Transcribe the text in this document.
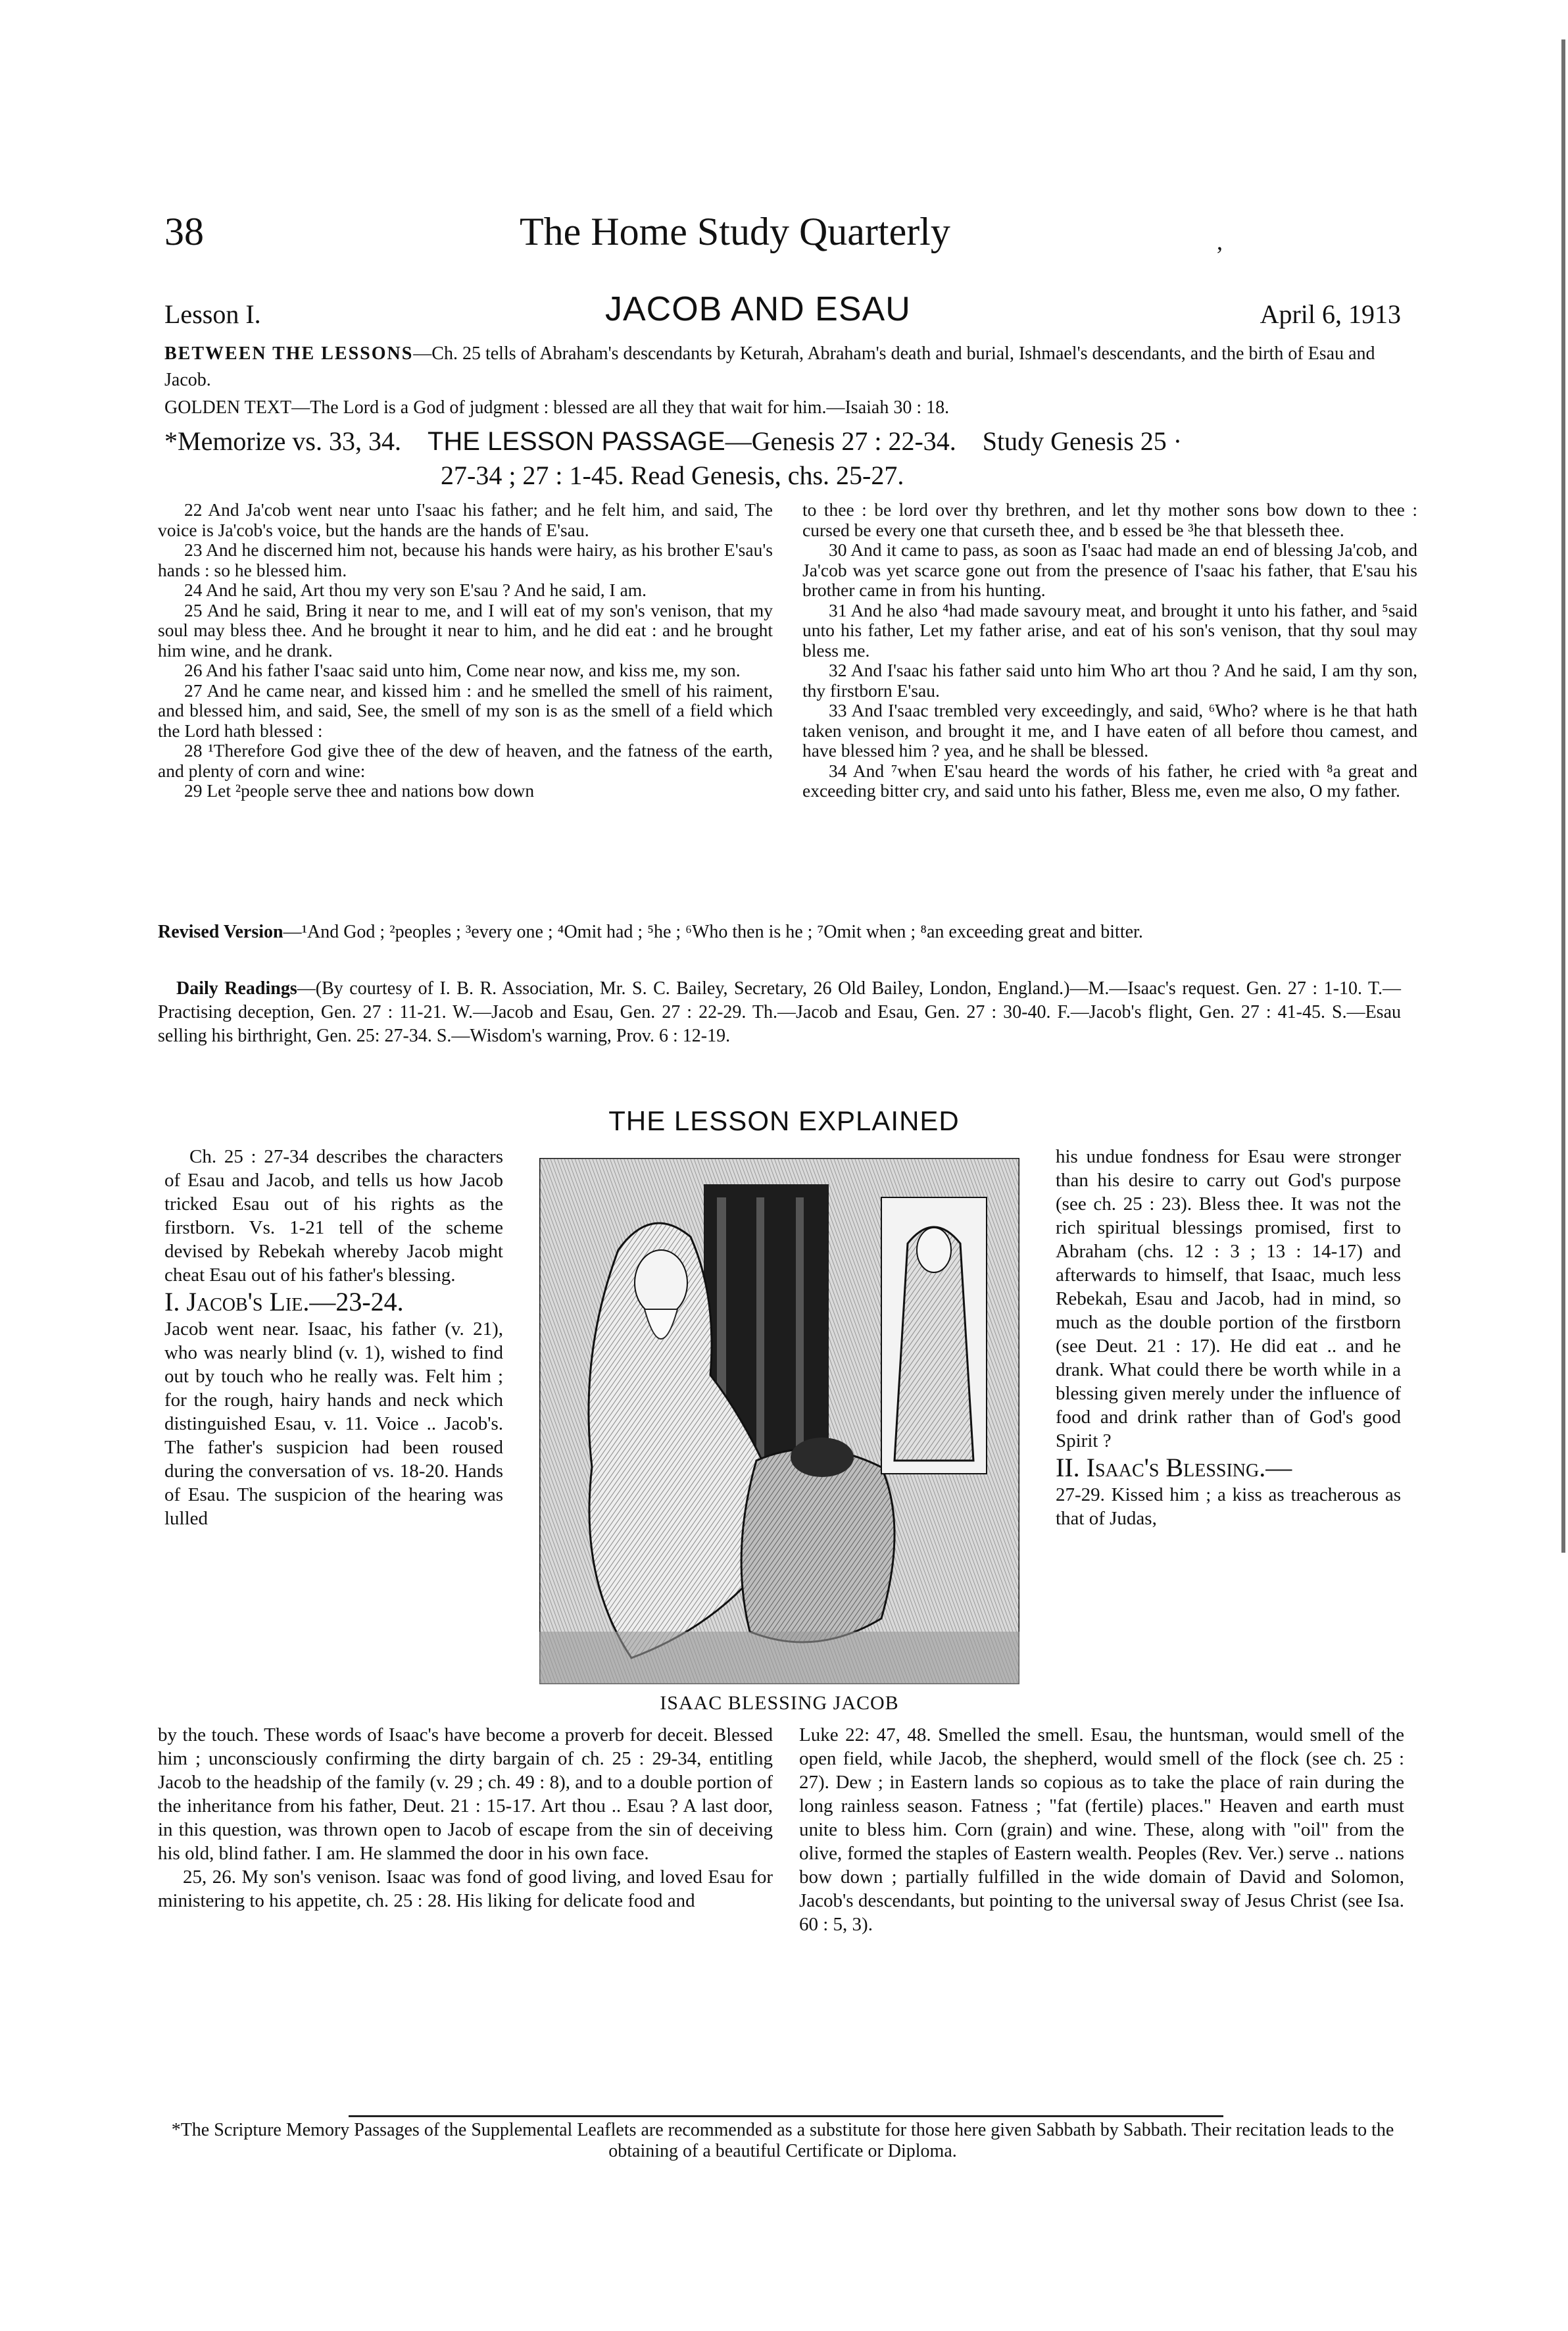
38	The Home Study Quarterly	,
Lesson I.	JACOB AND ESAU	April 6, 1913
BETWEEN THE LESSONS—Ch. 25 tells of Abraham's descendants by Keturah, Abraham's death and burial, Ishmael's descendants, and the birth of Esau and Jacob.
GOLDEN TEXT—The Lord is a God of judgment : blessed are all they that wait for him.—Isaiah 30 : 18.
*Memorize vs. 33, 34. THE LESSON PASSAGE—Genesis 27 : 22-34. Study Genesis 25 ·
27-34 ; 27 : 1-45. Read Genesis, chs. 25-27.
22 And Ja'cob went near unto I'saac his father; and he felt him, and said, The voice is Ja'cob's voice, but the hands are the hands of E'sau.
23 And he discerned him not, because his hands were hairy, as his brother E'sau's hands : so he blessed him.
24 And he said, Art thou my very son E'sau ? And he said, I am.
25 And he said, Bring it near to me, and I will eat of my son's venison, that my soul may bless thee. And he brought it near to him, and he did eat : and he brought him wine, and he drank.
26 And his father I'saac said unto him, Come near now, and kiss me, my son.
27 And he came near, and kissed him : and he smelled the smell of his raiment, and blessed him, and said, See, the smell of my son is as the smell of a field which the Lord hath blessed :
28 ¹Therefore God give thee of the dew of heaven, and the fatness of the earth, and plenty of corn and wine:
29 Let ²people serve thee and nations bow down
to thee : be lord over thy brethren, and let thy mother sons bow down to thee : cursed be every one that curseth thee, and b essed be ³he that blesseth thee.
30 And it came to pass, as soon as I'saac had made an end of blessing Ja'cob, and Ja'cob was yet scarce gone out from the presence of I'saac his father, that E'sau his brother came in from his hunting.
31 And he also ⁴had made savoury meat, and brought it unto his father, and ⁵said unto his father, Let my father arise, and eat of his son's venison, that thy soul may bless me.
32 And I'saac his father said unto him Who art thou ? And he said, I am thy son, thy firstborn E'sau.
33 And I'saac trembled very exceedingly, and said, ⁶Who? where is he that hath taken venison, and brought it me, and I have eaten of all before thou camest, and have blessed him ? yea, and he shall be blessed.
34 And ⁷when E'sau heard the words of his father, he cried with ⁸a great and exceeding bitter cry, and said unto his father, Bless me, even me also, O my father.
Revised Version—¹And God ; ²peoples ; ³every one ; ⁴Omit had ; ⁵he ; ⁶Who then is he ; ⁷Omit when ; ⁸an exceeding great and bitter.
Daily Readings—(By courtesy of I. B. R. Association, Mr. S. C. Bailey, Secretary, 26 Old Bailey, London, England.)—M.—Isaac's request. Gen. 27 : 1-10. T.—Practising deception, Gen. 27 : 11-21. W.—Jacob and Esau, Gen. 27 : 22-29. Th.—Jacob and Esau, Gen. 27 : 30-40. F.—Jacob's flight, Gen. 27 : 41-45. S.—Esau selling his birthright, Gen. 25: 27-34. S.—Wisdom's warning, Prov. 6 : 12-19.
THE LESSON EXPLAINED
Ch. 25 : 27-34 describes the characters of Esau and Jacob, and tells us how Jacob tricked Esau out of his rights as the firstborn. Vs. 1-21 tell of the scheme devised by Rebekah whereby Jacob might cheat Esau out of his father's blessing.
I. Jacob's Lie.—23-24.
Jacob went near. Isaac, his father (v. 21), who was nearly blind (v. 1), wished to find out by touch who he really was. Felt him ; for the rough, hairy hands and neck which distinguished Esau, v. 11. Voice .. Jacob's. The father's suspicion had been roused during the conversation of vs. 18-20. Hands of Esau. The suspicion of the hearing was lulled
his undue fondness for Esau were stronger than his desire to carry out God's purpose (see ch. 25 : 23). Bless thee. It was not the rich spiritual blessings promised, first to Abraham (chs. 12 : 3 ; 13 : 14-17) and afterwards to himself, that Isaac, much less Rebekah, Esau and Jacob, had in mind, so much as the double portion of the firstborn (see Deut. 21 : 17). He did eat .. and he drank. What could there be worth while in a blessing given merely under the influence of food and drink rather than of God's good Spirit ?
II. Isaac's Blessing.—
27-29. Kissed him ; a kiss as treacherous as that of Judas,
ISAAC BLESSING JACOB
by the touch. These words of Isaac's have become a proverb for deceit. Blessed him ; unconsciously confirming the dirty bargain of ch. 25 : 29-34, entitling Jacob to the headship of the family (v. 29 ; ch. 49 : 8), and to a double portion of the inheritance from his father, Deut. 21 : 15-17. Art thou .. Esau ? A last door, in this question, was thrown open to Jacob of escape from the sin of deceiving his old, blind father. I am. He slammed the door in his own face.
25, 26. My son's venison. Isaac was fond of good living, and loved Esau for ministering to his appetite, ch. 25 : 28. His liking for delicate food and
Luke 22: 47, 48. Smelled the smell. Esau, the huntsman, would smell of the open field, while Jacob, the shepherd, would smell of the flock (see ch. 25 : 27). Dew ; in Eastern lands so copious as to take the place of rain during the long rainless season. Fatness ; "fat (fertile) places." Heaven and earth must unite to bless him. Corn (grain) and wine. These, along with "oil" from the olive, formed the staples of Eastern wealth. Peoples (Rev. Ver.) serve .. nations bow down ; partially fulfilled in the wide domain of David and Solomon, Jacob's descendants, but pointing to the universal sway of Jesus Christ (see Isa. 60 : 5, 3).
*The Scripture Memory Passages of the Supplemental Leaflets are recommended as a substitute for those here given Sabbath by Sabbath. Their recitation leads to the obtaining of a beautiful Certificate or Diploma.
